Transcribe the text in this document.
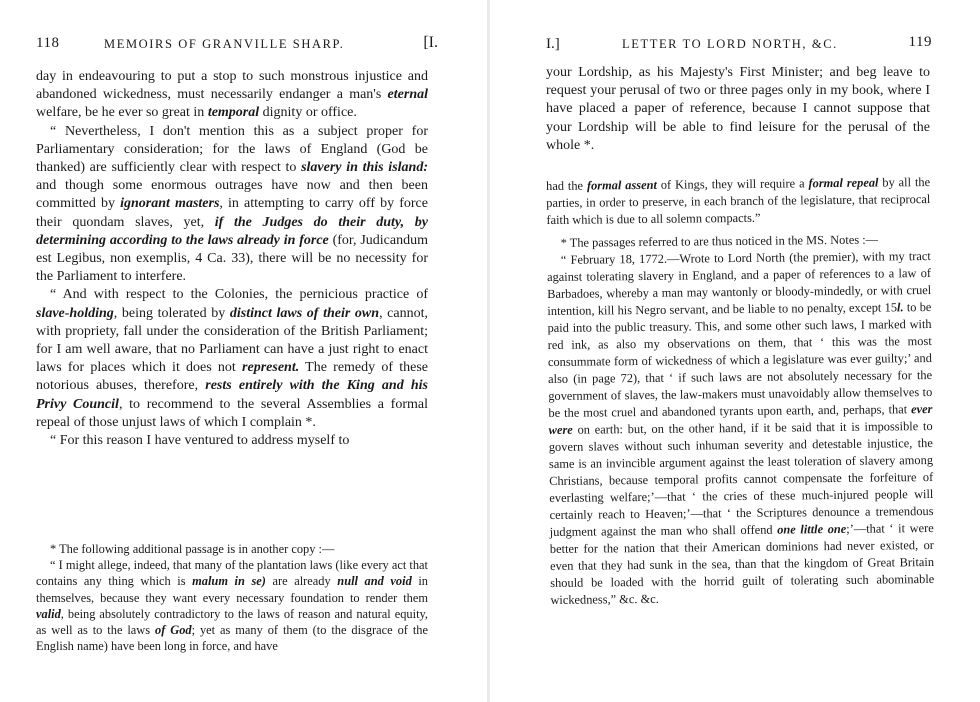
118	MEMOIRS OF GRANVILLE SHARP.	[I.

day in endeavouring to put a stop to such monstrous injustice and abandoned wickedness, must necessarily endanger a man's eternal welfare, be he ever so great in temporal dignity or office.

“ Nevertheless, I don't mention this as a subject proper for Parliamentary consideration; for the laws of England (God be thanked) are sufficiently clear with respect to slavery in this island: and though some enormous outrages have now and then been committed by ignorant masters, in attempting to carry off by force their quondam slaves, yet, if the Judges do their duty, by determining according to the laws already in force (for, Judicandum est Legibus, non exemplis, 4 Ca. 33), there will be no necessity for the Parliament to interfere.

“ And with respect to the Colonies, the pernicious practice of slave-holding, being tolerated by distinct laws of their own, cannot, with propriety, fall under the consideration of the British Parliament; for I am well aware, that no Parliament can have a just right to enact laws for places which it does not represent. The remedy of these notorious abuses, therefore, rests entirely with the King and his Privy Council, to recommend to the several Assemblies a formal repeal of those unjust laws of which I complain *.

“ For this reason I have ventured to address myself to

* The following additional passage is in another copy :—

“ I might allege, indeed, that many of the plantation laws (like every act that contains any thing which is malum in se) are already null and void in themselves, because they want every necessary foundation to render them valid, being absolutely contradictory to the laws of reason and natural equity, as well as to the laws of God; yet as many of them (to the disgrace of the English name) have been long in force, and have

I.]	LETTER TO LORD NORTH, &C.	119

your Lordship, as his Majesty's First Minister; and beg leave to request your perusal of two or three pages only in my book, where I have placed a paper of reference, because I cannot suppose that your Lordship will be able to find leisure for the perusal of the whole *.

had the formal assent of Kings, they will require a formal repeal by all the parties, in order to preserve, in each branch of the legislature, that reciprocal faith which is due to all solemn compacts.”

* The passages referred to are thus noticed in the MS. Notes :—

“ February 18, 1772.—Wrote to Lord North (the premier), with my tract against tolerating slavery in England, and a paper of references to a law of Barbadoes, whereby a man may wantonly or bloody-mindedly, or with cruel intention, kill his Negro servant, and be liable to no penalty, except 15l. to be paid into the public treasury. This, and some other such laws, I marked with red ink, as also my observations on them, that ‘ this was the most consummate form of wickedness of which a legislature was ever guilty;’ and also (in page 72), that ‘ if such laws are not absolutely necessary for the government of slaves, the law-makers must unavoidably allow themselves to be the most cruel and abandoned tyrants upon earth, and, perhaps, that ever were on earth: but, on the other hand, if it be said that it is impossible to govern slaves without such inhuman severity and detestable injustice, the same is an invincible argument against the least toleration of slavery among Christians, because temporal profits cannot compensate the forfeiture of everlasting welfare;’—that ‘ the cries of these much-injured people will certainly reach to Heaven;’—that ‘ the Scriptures denounce a tremendous judgment against the man who shall offend one little one;’—that ‘ it were better for the nation that their American dominions had never existed, or even that they had sunk in the sea, than that the kingdom of Great Britain should be loaded with the horrid guilt of tolerating such abominable wickedness,” &c. &c.
